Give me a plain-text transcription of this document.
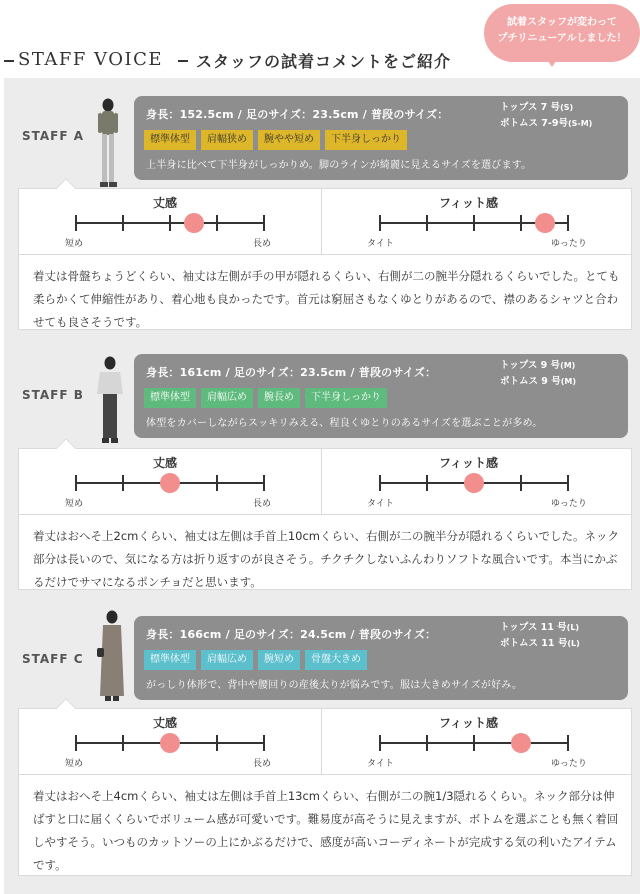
STAFF VOICE スタッフの試着コメントをご紹介
試着スタッフが変わって
プチリニューアルしました！
STAFF A
身長：152.5cm / 足のサイズ：23.5cm / 普段のサイズ：
トップス 7 号(S)
ボトムス 7-9号(S-M)
標準体型 肩幅狭め 腕やや短め 下半身しっかり
上半身に比べて下半身がしっかりめ。脚のラインが綺麗に見えるサイズを選びます。
丈感
短め	長め
フィット感
タイト	ゆったり
着丈は骨盤ちょうどくらい、袖丈は左側が手の甲が隠れるくらい、右側が二の腕半分隠れるくらいでした。とても柔らかくて伸縮性があり、着心地も良かったです。首元は窮屈さもなくゆとりがあるので、襟のあるシャツと合わせても良さそうです。
STAFF B
身長：161cm / 足のサイズ：23.5cm / 普段のサイズ：
トップス 9 号(M)
ボトムス 9 号(M)
標準体型 肩幅広め 腕長め 下半身しっかり
体型をカバーしながらスッキリみえる、程良くゆとりのあるサイズを選ぶことが多め。
丈感
短め	長め
フィット感
タイト	ゆったり
着丈はおへそ上2cmくらい、袖丈は左側は手首上10cmくらい、右側が二の腕半分が隠れるくらいでした。ネック部分は長いので、気になる方は折り返すのが良さそう。チクチクしないふんわりソフトな風合いです。本当にかぶるだけでサマになるポンチョだと思います。
STAFF C
身長：166cm / 足のサイズ：24.5cm / 普段のサイズ：
トップス 11 号(L)
ボトムス 11 号(L)
標準体型 肩幅広め 腕短め 骨盤大きめ
がっしり体形で、背中や腰回りの産後太りが悩みです。服は大きめサイズが好み。
丈感
短め	長め
フィット感
タイト	ゆったり
着丈はおへそ上4cmくらい、袖丈は左側は手首上13cmくらい、右側が二の腕1/3隠れるくらい。ネック部分は伸ばすと口に届くくらいでボリューム感が可愛いです。難易度が高そうに見えますが、ボトムを選ぶことも無く着回しやすそう。いつものカットソーの上にかぶるだけで、感度が高いコーディネートが完成する気の利いたアイテムです。
